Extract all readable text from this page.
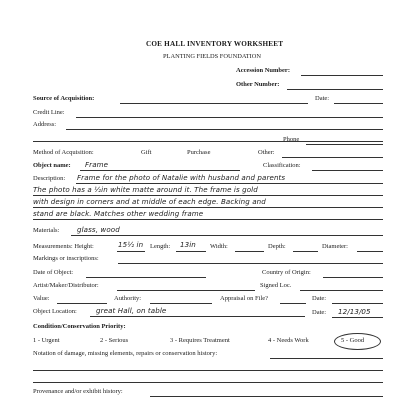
COE HALL INVENTORY WORKSHEET
PLANTING FIELDS FOUNDATION
Accession Number:
Other Number:
Source of Acquisition:	Date:
Credit Line:
Address:
Phone
Method of Acquisition:	Gift	Purchase	Other:
Object name: Frame	Classification:
Description: Frame for the photo of Natalie with husband and parents
The photo has a ½in white matte around it. The frame is gold
with design in corners and at middle of each edge. Backing and
stand are black. Matches other wedding frame
Materials: glass, wood
Measurements: Height:	15½ in Length: 13in Width:	Depth:	Diameter:
Markings or inscriptions:
Date of Object:	Country of Origin:
Artist/Maker/Distributor:	Signed Loc.
Value:	Authority:	Appraisal on File?	Date:
Object Location:	great Hall, on table	Date: 12/13/05
Condition/Conservation Priority:
1 - Urgent	2 - Serious	3 - Requires Treatment	4 - Needs Work	5 - Good
Notation of damage, missing elements, repairs or conservation history:
Provenance and/or exhibit history:
